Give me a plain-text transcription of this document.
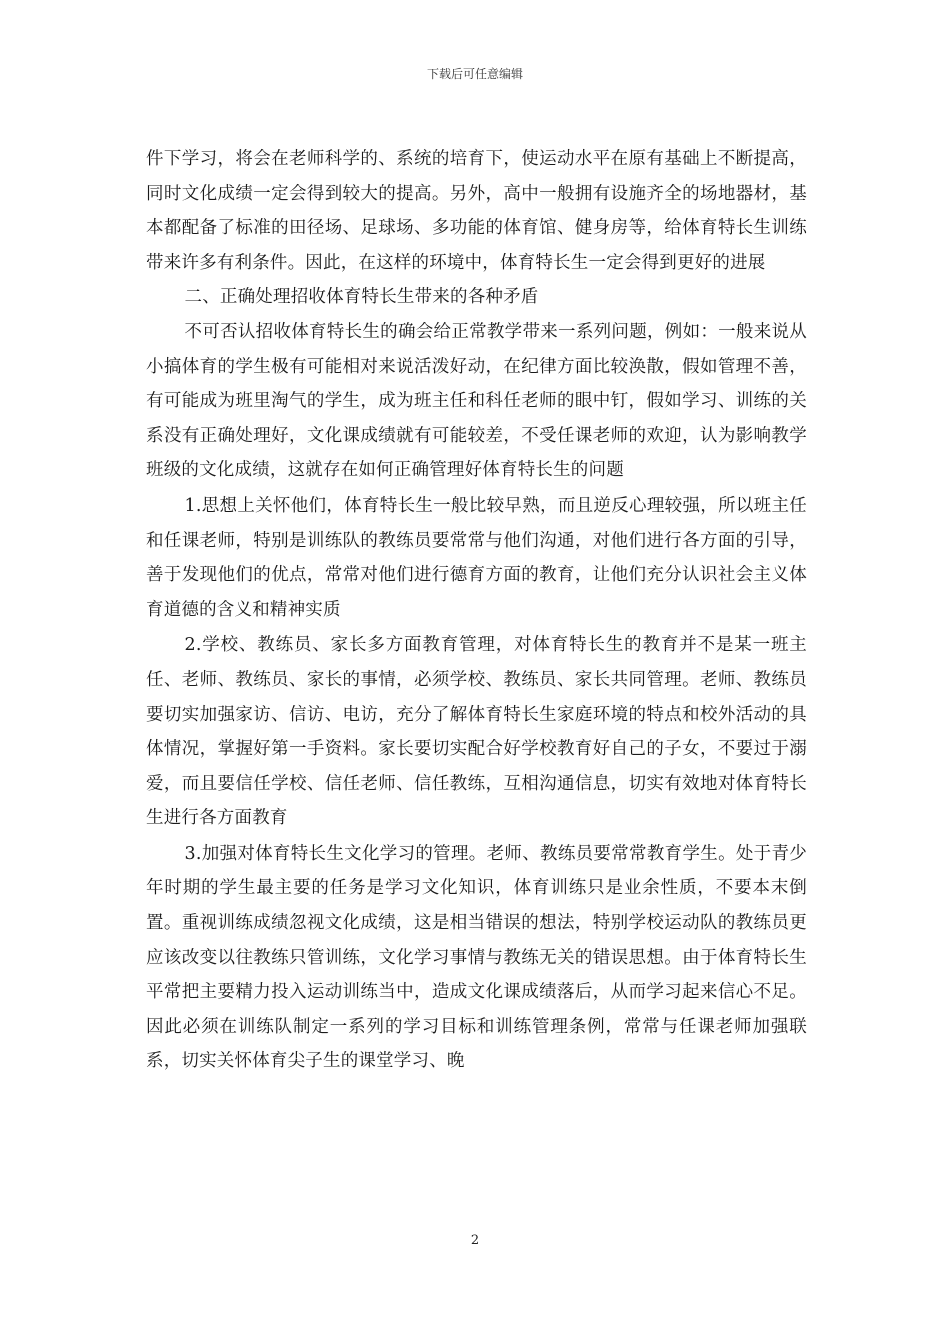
下载后可任意编辑

件下学习，将会在老师科学的、系统的培育下，使运动水平在原有基础上不断提高，同时文化成绩一定会得到较大的提高。另外，高中一般拥有设施齐全的场地器材，基本都配备了标准的田径场、足球场、多功能的体育馆、健身房等，给体育特长生训练带来许多有利条件。因此，在这样的环境中，体育特长生一定会得到更好的进展

二、正确处理招收体育特长生带来的各种矛盾

不可否认招收体育特长生的确会给正常教学带来一系列问题，例如：一般来说从小搞体育的学生极有可能相对来说活泼好动，在纪律方面比较涣散，假如管理不善，有可能成为班里淘气的学生，成为班主任和科任老师的眼中钉，假如学习、训练的关系没有正确处理好，文化课成绩就有可能较差，不受任课老师的欢迎，认为影响教学班级的文化成绩，这就存在如何正确管理好体育特长生的问题

1.思想上关怀他们，体育特长生一般比较早熟，而且逆反心理较强，所以班主任和任课老师，特别是训练队的教练员要常常与他们沟通，对他们进行各方面的引导，善于发现他们的优点，常常对他们进行德育方面的教育，让他们充分认识社会主义体育道德的含义和精神实质

2.学校、教练员、家长多方面教育管理，对体育特长生的教育并不是某一班主任、老师、教练员、家长的事情，必须学校、教练员、家长共同管理。老师、教练员要切实加强家访、信访、电访，充分了解体育特长生家庭环境的特点和校外活动的具体情况，掌握好第一手资料。家长要切实配合好学校教育好自己的子女，不要过于溺爱，而且要信任学校、信任老师、信任教练，互相沟通信息，切实有效地对体育特长生进行各方面教育

3.加强对体育特长生文化学习的管理。老师、教练员要常常教育学生。处于青少年时期的学生最主要的任务是学习文化知识，体育训练只是业余性质，不要本末倒置。重视训练成绩忽视文化成绩，这是相当错误的想法，特别学校运动队的教练员更应该改变以往教练只管训练，文化学习事情与教练无关的错误思想。由于体育特长生平常把主要精力投入运动训练当中，造成文化课成绩落后，从而学习起来信心不足。因此必须在训练队制定一系列的学习目标和训练管理条例，常常与任课老师加强联系，切实关怀体育尖子生的课堂学习、晚

2
